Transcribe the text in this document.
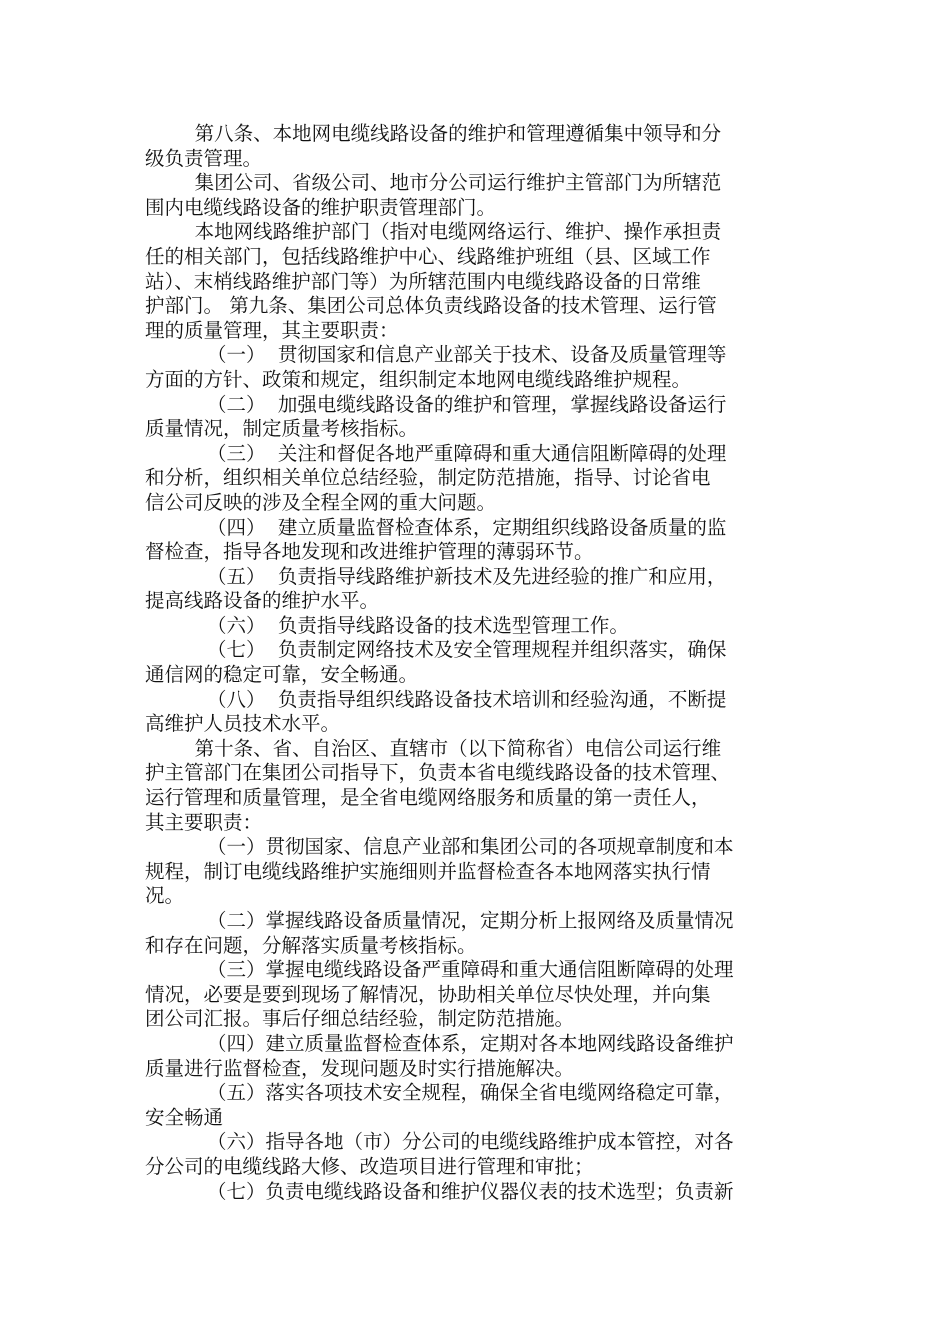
第八条、本地网电缆线路设备的维护和管理遵循集中领导和分
级负责管理。
集团公司、省级公司、地市分公司运行维护主管部门为所辖范
围内电缆线路设备的维护职责管理部门。
本地网线路维护部门（指对电缆网络运行、维护、操作承担责
任的相关部门，包括线路维护中心、线路维护班组（县、区域工作
站）、末梢线路维护部门等）为所辖范围内电缆线路设备的日常维
护部门。 第九条、集团公司总体负责线路设备的技术管理、运行管
理的质量管理，其主要职责：
（一）  贯彻国家和信息产业部关于技术、设备及质量管理等
方面的方针、政策和规定，组织制定本地网电缆线路维护规程。
（二）  加强电缆线路设备的维护和管理，掌握线路设备运行
质量情况，制定质量考核指标。
（三）  关注和督促各地严重障碍和重大通信阻断障碍的处理
和分析，组织相关单位总结经验，制定防范措施，指导、讨论省电
信公司反映的涉及全程全网的重大问题。
（四）  建立质量监督检查体系，定期组织线路设备质量的监
督检查，指导各地发现和改进维护管理的薄弱环节。
（五）  负责指导线路维护新技术及先进经验的推广和应用，
提高线路设备的维护水平。
（六）  负责指导线路设备的技术选型管理工作。
（七）  负责制定网络技术及安全管理规程并组织落实，确保
通信网的稳定可靠，安全畅通。
（八）  负责指导组织线路设备技术培训和经验沟通，不断提
高维护人员技术水平。
第十条、省、自治区、直辖市（以下简称省）电信公司运行维
护主管部门在集团公司指导下，负责本省电缆线路设备的技术管理、
运行管理和质量管理，是全省电缆网络服务和质量的第一责任人，
其主要职责：
（一）贯彻国家、信息产业部和集团公司的各项规章制度和本
规程，制订电缆线路维护实施细则并监督检查各本地网落实执行情
况。
（二）掌握线路设备质量情况，定期分析上报网络及质量情况
和存在问题，分解落实质量考核指标。
（三）掌握电缆线路设备严重障碍和重大通信阻断障碍的处理
情况，必要是要到现场了解情况，协助相关单位尽快处理，并向集
团公司汇报。事后仔细总结经验，制定防范措施。
（四）建立质量监督检查体系，定期对各本地网线路设备维护
质量进行监督检查，发现问题及时实行措施解决。
（五）落实各项技术安全规程，确保全省电缆网络稳定可靠，
安全畅通
（六）指导各地（市）分公司的电缆线路维护成本管控，对各
分公司的电缆线路大修、改造项目进行管理和审批；
（七）负责电缆线路设备和维护仪器仪表的技术选型；负责新
